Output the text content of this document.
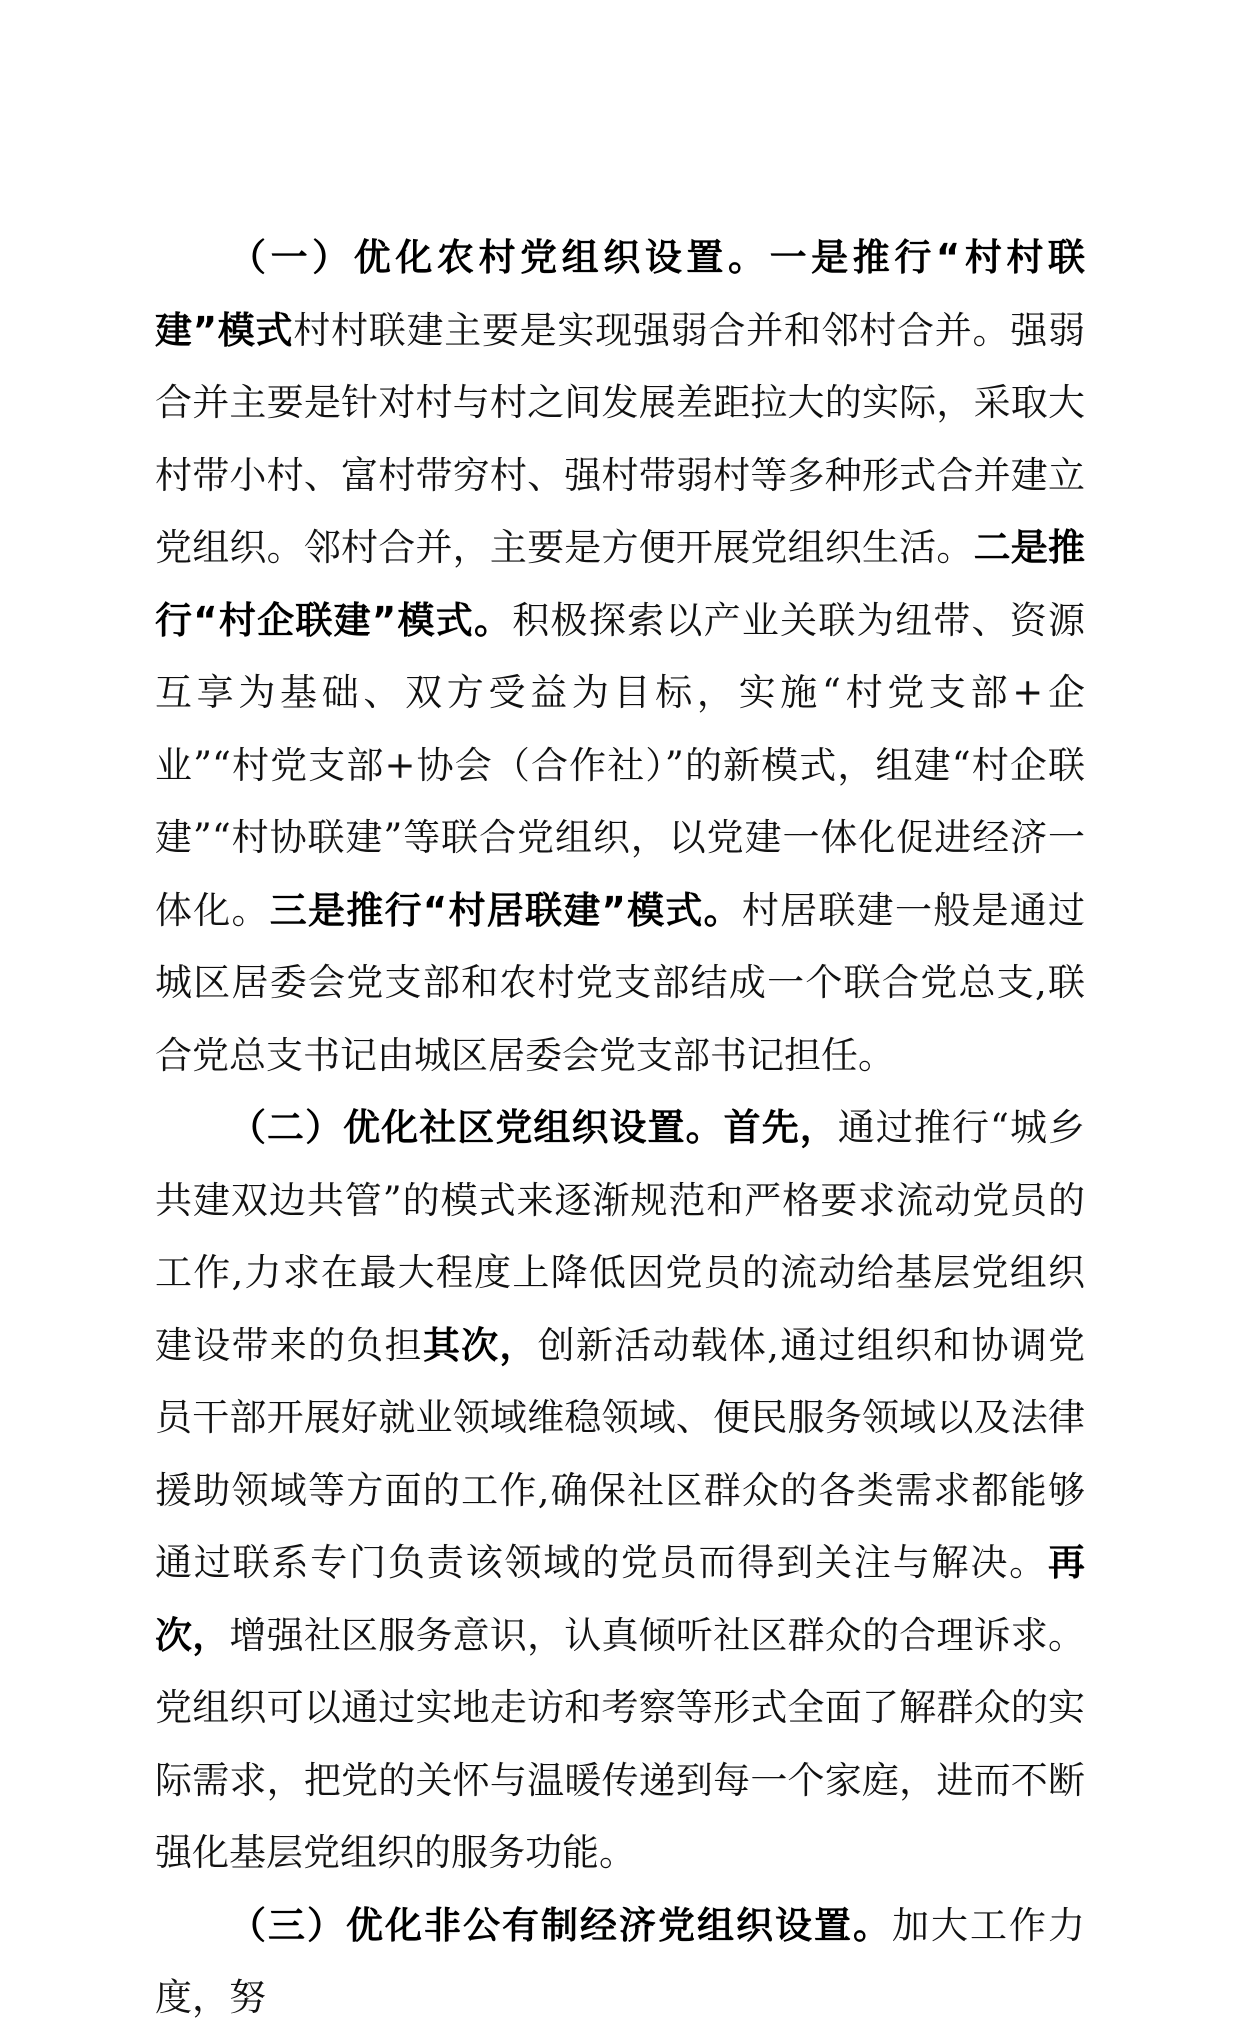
（一）优化农村党组织设置。一是推行“村村联建”模式村村联建主要是实现强弱合并和邻村合并。强弱合并主要是针对村与村之间发展差距拉大的实际，采取大村带小村、富村带穷村、强村带弱村等多种形式合并建立党组织。邻村合并，主要是方便开展党组织生活。二是推行“村企联建”模式。积极探索以产业关联为纽带、资源互享为基础、双方受益为目标，实施“村党支部+企业”“村党支部+协会（合作社）”的新模式，组建“村企联建”“村协联建”等联合党组织，以党建一体化促进经济一体化。三是推行“村居联建”模式。村居联建一般是通过城区居委会党支部和农村党支部结成一个联合党总支,联合党总支书记由城区居委会党支部书记担任。

（二）优化社区党组织设置。首先，通过推行“城乡共建双边共管”的模式来逐渐规范和严格要求流动党员的工作,力求在最大程度上降低因党员的流动给基层党组织建设带来的负担其次，创新活动载体,通过组织和协调党员干部开展好就业领域维稳领域、便民服务领域以及法律援助领域等方面的工作,确保社区群众的各类需求都能够通过联系专门负责该领域的党员而得到关注与解决。再次，增强社区服务意识，认真倾听社区群众的合理诉求。党组织可以通过实地走访和考察等形式全面了解群众的实际需求，把党的关怀与温暖传递到每一个家庭，进而不断强化基层党组织的服务功能。

（三）优化非公有制经济党组织设置。加大工作力度，努
